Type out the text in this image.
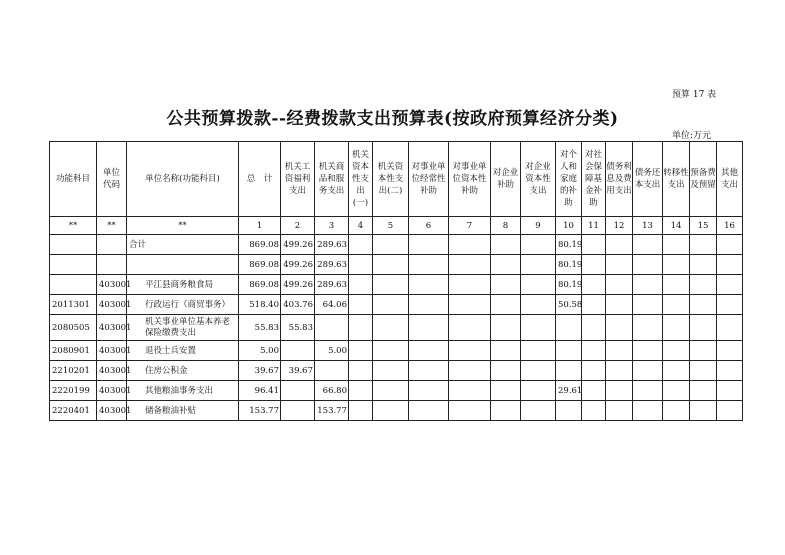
预算 17 表
公共预算拨款--经费拨款支出预算表(按政府预算经济分类)
单位:万元
功能科目	单位代码	单位名称(功能科目)	总　计	机关工资福利支出	机关商品和服务支出	机关资本性支出(一)	机关资本性支出(二)	对事业单位经常性补助	对事业单位资本性补助	对企业补助	对企业资本性支出	对个人和家庭的补助	对社会保障基金补助	债务利息及费用支出	债务还本支出	转移性支出	预备费及预留	其他支出
**	**	**	1	2	3	4	5	6	7	8	9	10	11	12	13	14	15	16
		合计	869.08	499.26	289.63							80.19						
			869.08	499.26	289.63							80.19						
	403001	平江县商务粮食局	869.08	499.26	289.63							80.19						
2011301	403001	行政运行（商贸事务）	518.40	403.76	64.06							50.58						
2080505	403001	机关事业单位基本养老保险缴费支出	55.83	55.83														
2080901	403001	退役士兵安置	5.00		5.00													
2210201	403001	住房公积金	39.67	39.67														
2220199	403001	其他粮油事务支出	96.41		66.80							29.61						
2220401	403001	储备粮油补贴	153.77		153.77													
